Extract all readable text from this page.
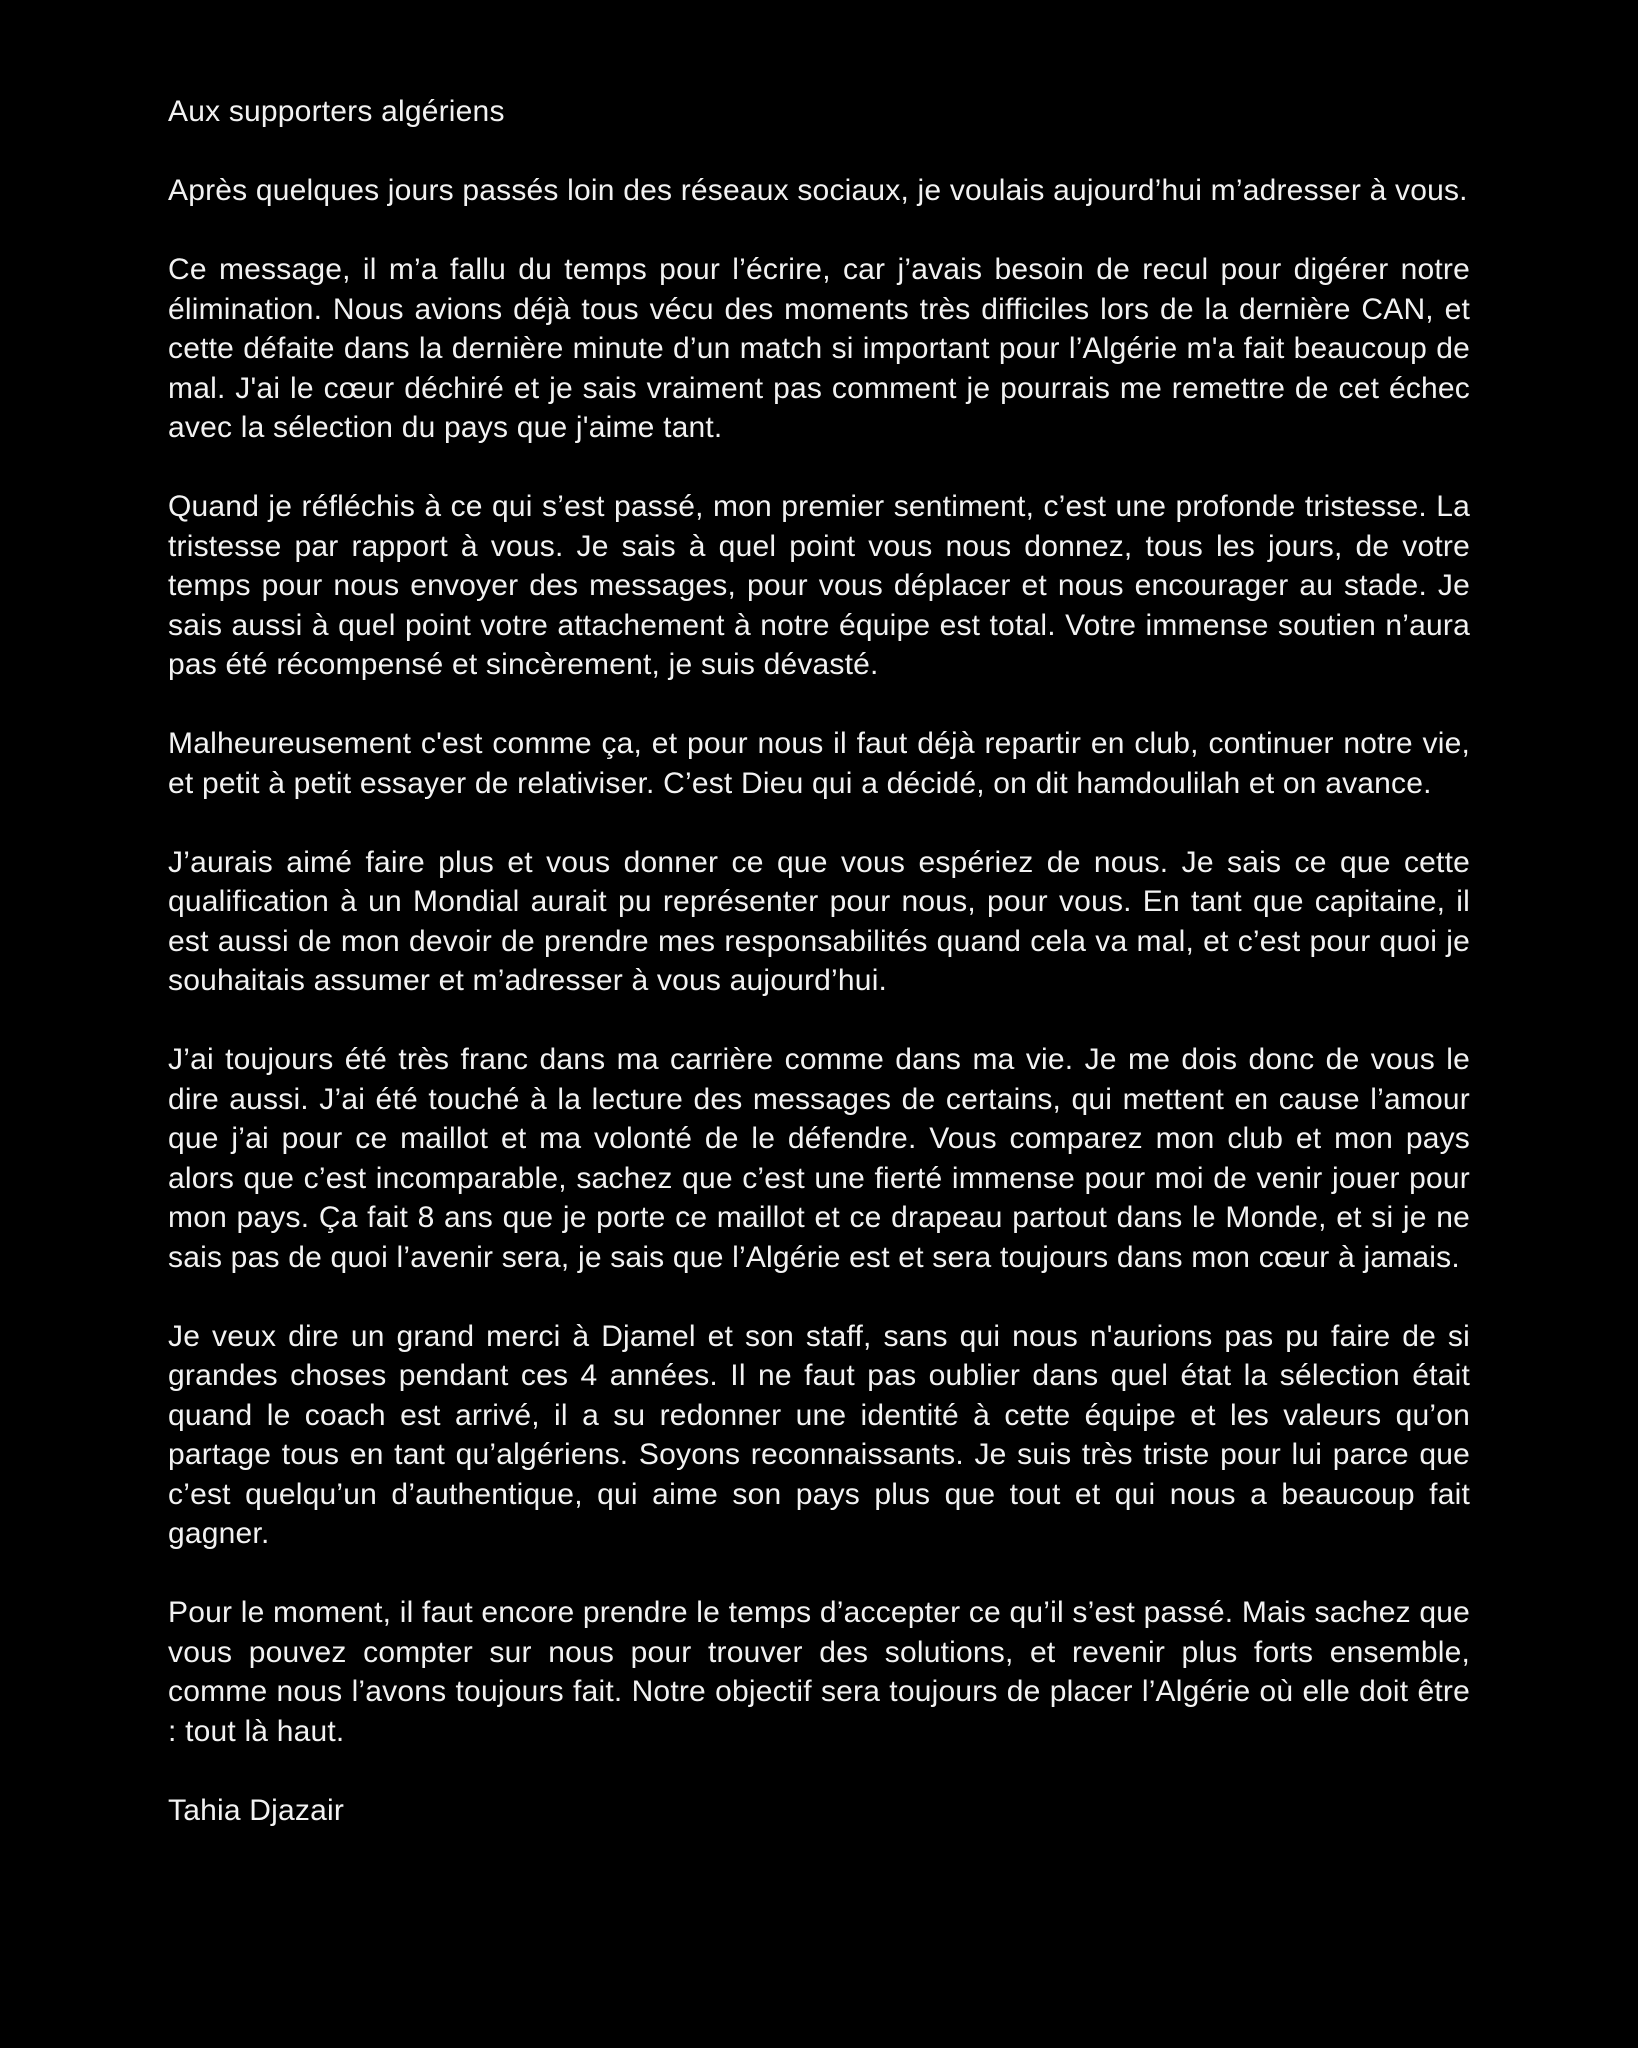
Aux supporters algériens

Après quelques jours passés loin des réseaux sociaux, je voulais aujourd’hui m’adresser à vous.

Ce message, il m’a fallu du temps pour l’écrire, car j’avais besoin de recul pour digérer notre élimination. Nous avions déjà tous vécu des moments très difficiles lors de la dernière CAN, et cette défaite dans la dernière minute d’un match si important pour l’Algérie m'a fait beaucoup de mal. J'ai le cœur déchiré et je sais vraiment pas comment je pourrais me remettre de cet échec avec la sélection du pays que j'aime tant.

Quand je réfléchis à ce qui s’est passé, mon premier sentiment, c’est une profonde tristesse. La tristesse par rapport à vous. Je sais à quel point vous nous donnez, tous les jours, de votre temps pour nous envoyer des messages, pour vous déplacer et nous encourager au stade. Je sais aussi à quel point votre attachement à notre équipe est total. Votre immense soutien n’aura pas été récompensé et sincèrement, je suis dévasté.

Malheureusement c'est comme ça, et pour nous il faut déjà repartir en club, continuer notre vie, et petit à petit essayer de relativiser. C’est Dieu qui a décidé, on dit hamdoulilah et on avance.

J’aurais aimé faire plus et vous donner ce que vous espériez de nous. Je sais ce que cette qualification à un Mondial aurait pu représenter pour nous, pour vous. En tant que capitaine, il est aussi de mon devoir de prendre mes responsabilités quand cela va mal, et c’est pour quoi je souhaitais assumer et m’adresser à vous aujourd’hui.

J’ai toujours été très franc dans ma carrière comme dans ma vie. Je me dois donc de vous le dire aussi. J’ai été touché à la lecture des messages de certains, qui mettent en cause l’amour que j’ai pour ce maillot et ma volonté de le défendre. Vous comparez mon club et mon pays alors que c’est incomparable, sachez que c’est une fierté immense pour moi de venir jouer pour mon pays. Ça fait 8 ans que je porte ce maillot et ce drapeau partout dans le Monde, et si je ne sais pas de quoi l’avenir sera, je sais que l’Algérie est et sera toujours dans mon cœur à jamais.

Je veux dire un grand merci à Djamel et son staff, sans qui nous n'aurions pas pu faire de si grandes choses pendant ces 4 années. Il ne faut pas oublier dans quel état la sélection était quand le coach est arrivé, il a su redonner une identité à cette équipe et les valeurs qu’on partage tous en tant qu’algériens. Soyons reconnaissants. Je suis très triste pour lui parce que c’est quelqu’un d’authentique, qui aime son pays plus que tout et qui nous a beaucoup fait gagner.

Pour le moment, il faut encore prendre le temps d’accepter ce qu’il s’est passé. Mais sachez que vous pouvez compter sur nous pour trouver des solutions, et revenir plus forts ensemble, comme nous l’avons toujours fait. Notre objectif sera toujours de placer l’Algérie où elle doit être : tout là haut.

Tahia Djazair
